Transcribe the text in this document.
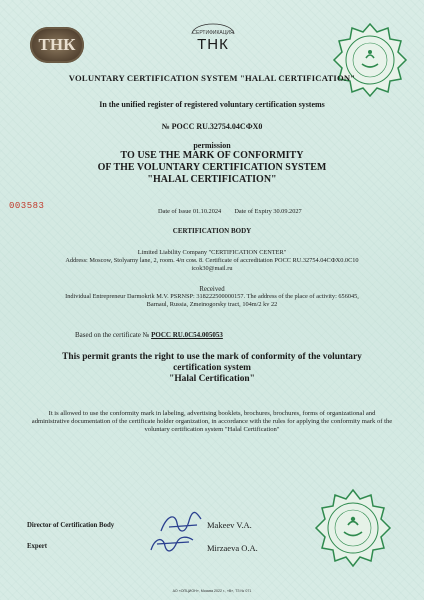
ТНК
СЕРТИФИКАЦИЯ
ТНК
VOLUNTARY CERTIFICATION SYSTEM "HALAL CERTIFICATION"
In the unified register of registered voluntary certification systems
№ РОСС RU.32754.04СФХ0
permission
TO USE THE MARK OF CONFORMITY
OF THE VOLUNTARY CERTIFICATION SYSTEM
"HALAL CERTIFICATION"
003583
Date of Issue 01.10.2024 Date of Expiry 30.09.2027
CERTIFICATION BODY
Limited Liability Company "CERTIFICATION CENTER"
Address: Moscow, Stolyarny lane, 2, room. 4/п сом. 8. Certificate of accreditation РОСС RU.32754.04СФХ0.0С10
icok30@mail.ru
Received
Individual Entrepreneur Darmokrik M.V. PSRNSP: 318222500000157. The address of the place of activity: 656045, Barnaul, Russia, Zmeinogorsky tract, 104m/2 kv 22
Based on the certificate № РОСС RU.0С54.005053
This permit grants the right to use the mark of conformity of the voluntary
certification system
"Halal Certification"
It is allowed to use the conformity mark in labeling, advertising booklets, brochures, brochures, forms of organizational and administrative documentation of the certificate holder organization, in accordance with the rules for applying the conformity mark of the voluntary certification system "Halal Certification"
Director of Certification Body	Makeev V.A.
Expert	Mirzaeva O.A.
АО «ОПЦИОН», Москва 2022 г., «В», ТЗ № 071
